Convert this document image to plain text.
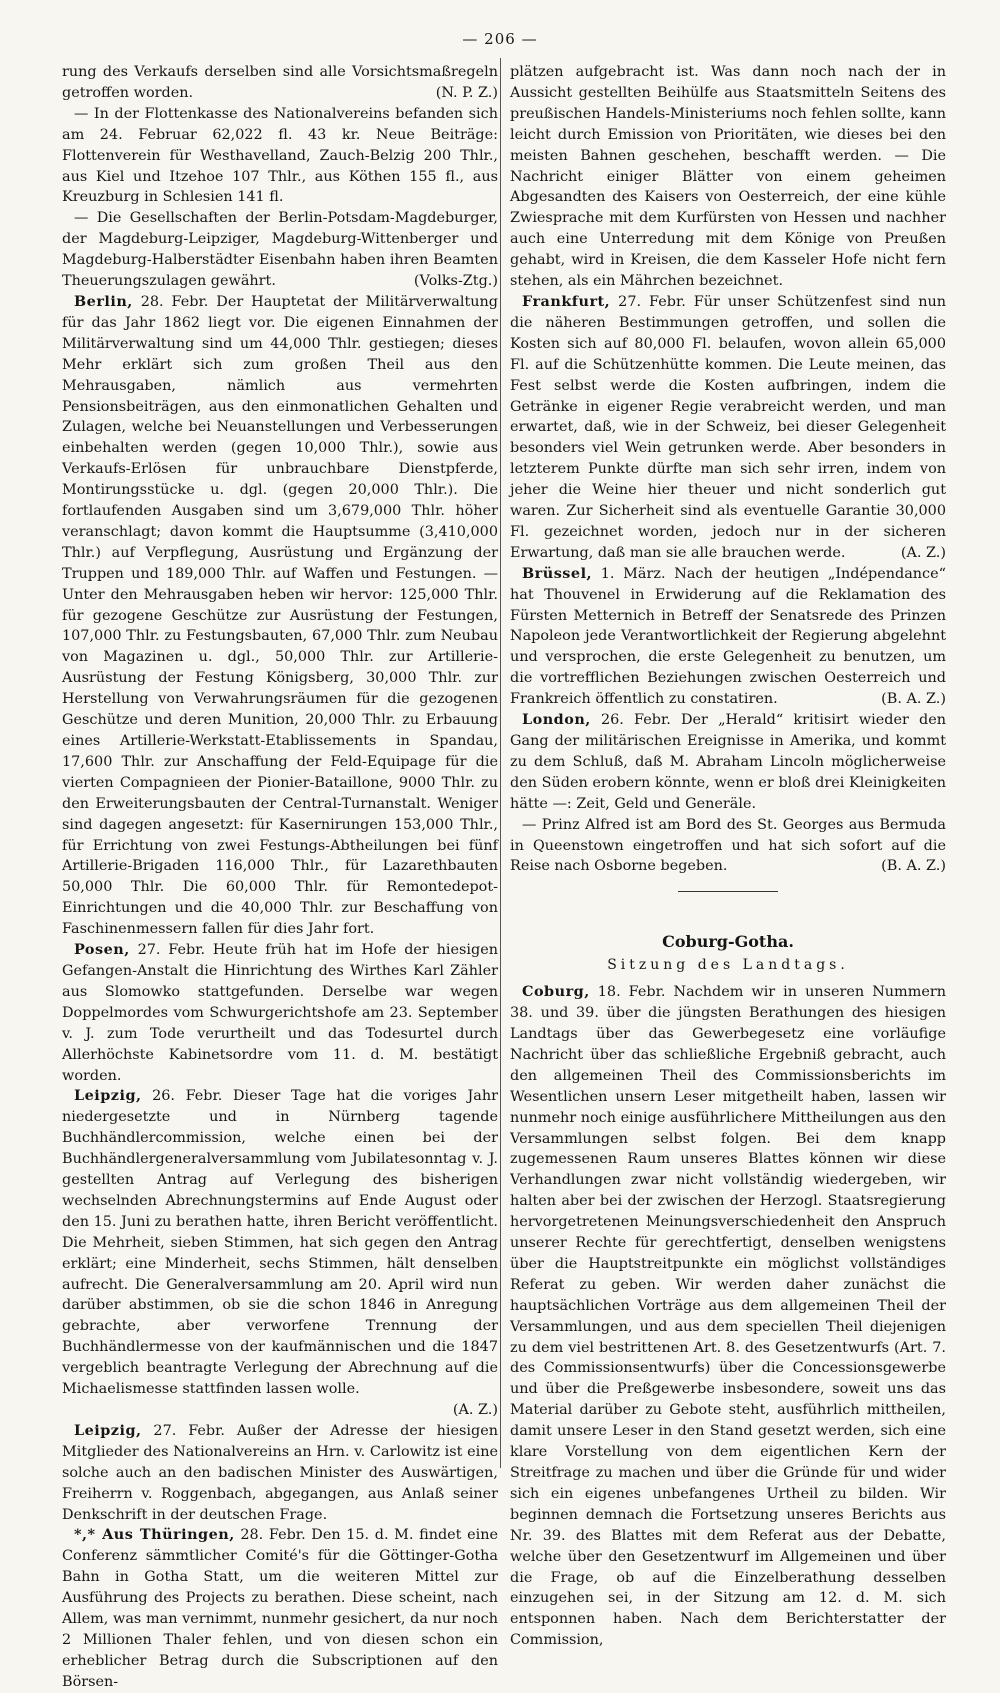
— 206 —

rung des Verkaufs derselben sind alle Vorsichtsmaßregeln getroffen worden.	(N. P. Z.)

— In der Flottenkasse des Nationalvereins befanden sich am 24. Februar 62,022 fl. 43 kr. Neue Beiträge: Flottenverein für Westhavelland, Zauch-Belzig 200 Thlr., aus Kiel und Itzehoe 107 Thlr., aus Köthen 155 fl., aus Kreuzburg in Schlesien 141 fl.

— Die Gesellschaften der Berlin-Potsdam-Magdeburger, der Magdeburg-Leipziger, Magdeburg-Wittenberger und Magdeburg-Halberstädter Eisenbahn haben ihren Beamten Theuerungszulagen gewährt.	(Volks-Ztg.)

Berlin, 28. Febr. Der Hauptetat der Militärverwaltung für das Jahr 1862 liegt vor. Die eigenen Einnahmen der Militärverwaltung sind um 44,000 Thlr. gestiegen; dieses Mehr erklärt sich zum großen Theil aus den Mehrausgaben, nämlich aus vermehrten Pensionsbeiträgen, aus den einmonatlichen Gehalten und Zulagen, welche bei Neuanstellungen und Verbesserungen einbehalten werden (gegen 10,000 Thlr.), sowie aus Verkaufs-Erlösen für unbrauchbare Dienstpferde, Montirungsstücke u. dgl. (gegen 20,000 Thlr.). Die fortlaufenden Ausgaben sind um 3,679,000 Thlr. höher veranschlagt; davon kommt die Hauptsumme (3,410,000 Thlr.) auf Verpflegung, Ausrüstung und Ergänzung der Truppen und 189,000 Thlr. auf Waffen und Festungen. — Unter den Mehrausgaben heben wir hervor: 125,000 Thlr. für gezogene Geschütze zur Ausrüstung der Festungen, 107,000 Thlr. zu Festungsbauten, 67,000 Thlr. zum Neubau von Magazinen u. dgl., 50,000 Thlr. zur Artillerie-Ausrüstung der Festung Königsberg, 30,000 Thlr. zur Herstellung von Verwahrungsräumen für die gezogenen Geschütze und deren Munition, 20,000 Thlr. zu Erbauung eines Artillerie-Werkstatt-Etablissements in Spandau, 17,600 Thlr. zur Anschaffung der Feld-Equipage für die vierten Compagnieen der Pionier-Bataillone, 9000 Thlr. zu den Erweiterungsbauten der Central-Turnanstalt. Weniger sind dagegen angesetzt: für Kasernirungen 153,000 Thlr., für Errichtung von zwei Festungs-Abtheilungen bei fünf Artillerie-Brigaden 116,000 Thlr., für Lazarethbauten 50,000 Thlr. Die 60,000 Thlr. für Remontedepot-Einrichtungen und die 40,000 Thlr. zur Beschaffung von Faschinenmessern fallen für dies Jahr fort.

Posen, 27. Febr. Heute früh hat im Hofe der hiesigen Gefangen-Anstalt die Hinrichtung des Wirthes Karl Zähler aus Slomowko stattgefunden. Derselbe war wegen Doppelmordes vom Schwurgerichtshofe am 23. September v. J. zum Tode verurtheilt und das Todesurtel durch Allerhöchste Kabinetsordre vom 11. d. M. bestätigt worden.

Leipzig, 26. Febr. Dieser Tage hat die voriges Jahr niedergesetzte und in Nürnberg tagende Buchhändlercommission, welche einen bei der Buchhändlergeneralversammlung vom Jubilatesonntag v. J. gestellten Antrag auf Verlegung des bisherigen wechselnden Abrechnungstermins auf Ende August oder den 15. Juni zu berathen hatte, ihren Bericht veröffentlicht. Die Mehrheit, sieben Stimmen, hat sich gegen den Antrag erklärt; eine Minderheit, sechs Stimmen, hält denselben aufrecht. Die Generalversammlung am 20. April wird nun darüber abstimmen, ob sie die schon 1846 in Anregung gebrachte, aber verworfene Trennung der Buchhändlermesse von der kaufmännischen und die 1847 vergeblich beantragte Verlegung der Abrechnung auf die Michaelismesse stattfinden lassen wolle.
(A. Z.)

Leipzig, 27. Febr. Außer der Adresse der hiesigen Mitglieder des Nationalvereins an Hrn. v. Carlowitz ist eine solche auch an den badischen Minister des Auswärtigen, Freiherrn v. Roggenbach, abgegangen, aus Anlaß seiner Denkschrift in der deutschen Frage.

*,* Aus Thüringen, 28. Febr. Den 15. d. M. findet eine Conferenz sämmtlicher Comité's für die Göttinger-Gotha Bahn in Gotha Statt, um die weiteren Mittel zur Ausführung des Projects zu berathen. Diese scheint, nach Allem, was man vernimmt, nunmehr gesichert, da nur noch 2 Millionen Thaler fehlen, und von diesen schon ein erheblicher Betrag durch die Subscriptionen auf den Börsen-

plätzen aufgebracht ist. Was dann noch nach der in Aussicht gestellten Beihülfe aus Staatsmitteln Seitens des preußischen Handels-Ministeriums noch fehlen sollte, kann leicht durch Emission von Prioritäten, wie dieses bei den meisten Bahnen geschehen, beschafft werden. — Die Nachricht einiger Blätter von einem geheimen Abgesandten des Kaisers von Oesterreich, der eine kühle Zwiesprache mit dem Kurfürsten von Hessen und nachher auch eine Unterredung mit dem Könige von Preußen gehabt, wird in Kreisen, die dem Kasseler Hofe nicht fern stehen, als ein Mährchen bezeichnet.

Frankfurt, 27. Febr. Für unser Schützenfest sind nun die näheren Bestimmungen getroffen, und sollen die Kosten sich auf 80,000 Fl. belaufen, wovon allein 65,000 Fl. auf die Schützenhütte kommen. Die Leute meinen, das Fest selbst werde die Kosten aufbringen, indem die Getränke in eigener Regie verabreicht werden, und man erwartet, daß, wie in der Schweiz, bei dieser Gelegenheit besonders viel Wein getrunken werde. Aber besonders in letzterem Punkte dürfte man sich sehr irren, indem von jeher die Weine hier theuer und nicht sonderlich gut waren. Zur Sicherheit sind als eventuelle Garantie 30,000 Fl. gezeichnet worden, jedoch nur in der sicheren Erwartung, daß man sie alle brauchen werde.	(A. Z.)

Brüssel, 1. März. Nach der heutigen „Indépendance“ hat Thouvenel in Erwiderung auf die Reklamation des Fürsten Metternich in Betreff der Senatsrede des Prinzen Napoleon jede Verantwortlichkeit der Regierung abgelehnt und versprochen, die erste Gelegenheit zu benutzen, um die vortrefflichen Beziehungen zwischen Oesterreich und Frankreich öffentlich zu constatiren.	(B. A. Z.)

London, 26. Febr. Der „Herald“ kritisirt wieder den Gang der militärischen Ereignisse in Amerika, und kommt zu dem Schluß, daß M. Abraham Lincoln möglicherweise den Süden erobern könnte, wenn er bloß drei Kleinigkeiten hätte —: Zeit, Geld und Generäle.

— Prinz Alfred ist am Bord des St. Georges aus Bermuda in Queenstown eingetroffen und hat sich sofort auf die Reise nach Osborne begeben.	(B. A. Z.)

Coburg-Gotha.
Sitzung des Landtags.

Coburg, 18. Febr. Nachdem wir in unseren Nummern 38. und 39. über die jüngsten Berathungen des hiesigen Landtags über das Gewerbegesetz eine vorläufige Nachricht über das schließliche Ergebniß gebracht, auch den allgemeinen Theil des Commissionsberichts im Wesentlichen unsern Leser mitgetheilt haben, lassen wir nunmehr noch einige ausführlichere Mittheilungen aus den Versammlungen selbst folgen. Bei dem knapp zugemessenen Raum unseres Blattes können wir diese Verhandlungen zwar nicht vollständig wiedergeben, wir halten aber bei der zwischen der Herzogl. Staatsregierung hervorgetretenen Meinungsverschiedenheit den Anspruch unserer Rechte für gerechtfertigt, denselben wenigstens über die Hauptstreitpunkte ein möglichst vollständiges Referat zu geben. Wir werden daher zunächst die hauptsächlichen Vorträge aus dem allgemeinen Theil der Versammlungen, und aus dem speciellen Theil diejenigen zu dem viel bestrittenen Art. 8. des Gesetzentwurfs (Art. 7. des Commissionsentwurfs) über die Concessionsgewerbe und über die Preßgewerbe insbesondere, soweit uns das Material darüber zu Gebote steht, ausführlich mittheilen, damit unsere Leser in den Stand gesetzt werden, sich eine klare Vorstellung von dem eigentlichen Kern der Streitfrage zu machen und über die Gründe für und wider sich ein eigenes unbefangenes Urtheil zu bilden. Wir beginnen demnach die Fortsetzung unseres Berichts aus Nr. 39. des Blattes mit dem Referat aus der Debatte, welche über den Gesetzentwurf im Allgemeinen und über die Frage, ob auf die Einzelberathung desselben einzugehen sei, in der Sitzung am 12. d. M. sich entsponnen haben. Nach dem Berichterstatter der Commission,
